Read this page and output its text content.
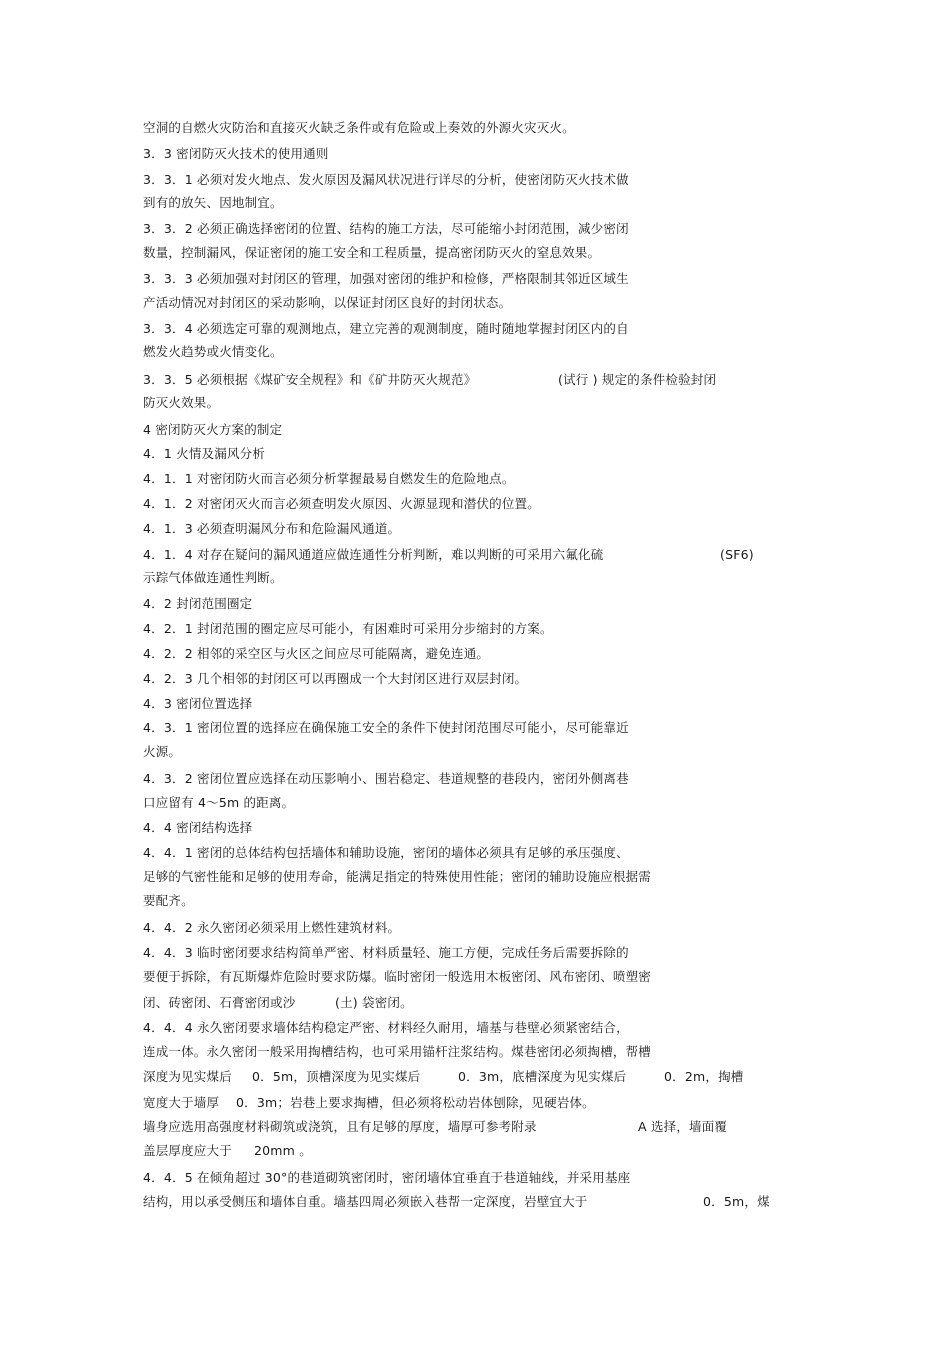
空洞的自燃火灾防治和直接灭火缺乏条件或有危险或上奏效的外源火灾灭火。
3．3 密闭防灭火技术的使用通则
3．3．1 必须对发火地点、发火原因及漏风状况进行详尽的分析，使密闭防灭火技术做
到有的放矢、因地制宜。
3．3．2 必须正确选择密闭的位置、结构的施工方法，尽可能缩小封闭范围，减少密闭
数量，控制漏风，保证密闭的施工安全和工程质量，提高密闭防灭火的窒息效果。
3．3．3 必须加强对封闭区的管理，加强对密闭的维护和检修，严格限制其邻近区域生
产活动情况对封闭区的采动影响，以保证封闭区良好的封闭状态。
3．3．4 必须选定可靠的观测地点，建立完善的观测制度，随时随地掌握封闭区内的自
燃发火趋势或火情变化。
3．3．5 必须根据《煤矿安全规程》和《矿井防灭火规范》	(试行 ) 规定的条件检验封闭
防灭火效果。
4 密闭防灭火方案的制定
4．1 火情及漏风分析
4．1．1 对密闭防火而言必须分析掌握最易自燃发生的危险地点。
4．1．2 对密闭灭火而言必须查明发火原因、火源显现和潜伏的位置。
4．1．3 必须查明漏风分布和危险漏风通道。
4．1．4 对存在疑问的漏风通道应做连通性分析判断，难以判断的可采用六氟化硫	(SF6)
示踪气体做连通性判断。
4．2 封闭范围圈定
4．2．1 封闭范围的圈定应尽可能小，有困难时可采用分步缩封的方案。
4．2．2 相邻的采空区与火区之间应尽可能隔离，避免连通。
4．2．3 几个相邻的封闭区可以再圈成一个大封闭区进行双层封闭。
4．3 密闭位置选择
4．3．1 密闭位置的选择应在确保施工安全的条件下使封闭范围尽可能小，尽可能靠近
火源。
4．3．2 密闭位置应选择在动压影响小、围岩稳定、巷道规整的巷段内，密闭外侧离巷
口应留有 4～5m 的距离。
4．4 密闭结构选择
4．4．1 密闭的总体结构包括墙体和辅助设施，密闭的墙体必须具有足够的承压强度、
足够的气密性能和足够的使用寿命，能满足指定的特殊使用性能；密闭的辅助设施应根据需
要配齐。
4．4．2 永久密闭必须采用上燃性建筑材料。
4．4．3 临时密闭要求结构简单严密、材料质量轻、施工方便，完成任务后需要拆除的
要便于拆除，有瓦斯爆炸危险时要求防爆。临时密闭一般选用木板密闭、风布密闭、喷塑密
闭、砖密闭、石膏密闭或沙	(土) 袋密闭。
4．4．4 永久密闭要求墙体结构稳定严密、材料经久耐用，墙基与巷壁必须紧密结合，
连成一体。永久密闭一般采用掏槽结构，也可采用锚杆注浆结构。煤巷密闭必须掏槽，帮槽
深度为见实煤后 0．5m，顶槽深度为见实煤后	0．3m，底槽深度为见实煤后	0．2m，掏槽
宽度大于墙厚 0．3m；岩巷上要求掏槽，但必须将松动岩体刨除，见硬岩体。
墙身应选用高强度材料砌筑或浇筑，且有足够的厚度，墙厚可参考附录	A 选择，墙面覆
盖层厚度应大于 20mm 。
4．4．5 在倾角超过 30°的巷道砌筑密闭时，密闭墙体宜垂直于巷道轴线，并采用基座
结构，用以承受侧压和墙体自重。墙基四周必须嵌入巷帮一定深度，岩壁宜大于	0．5m，煤
